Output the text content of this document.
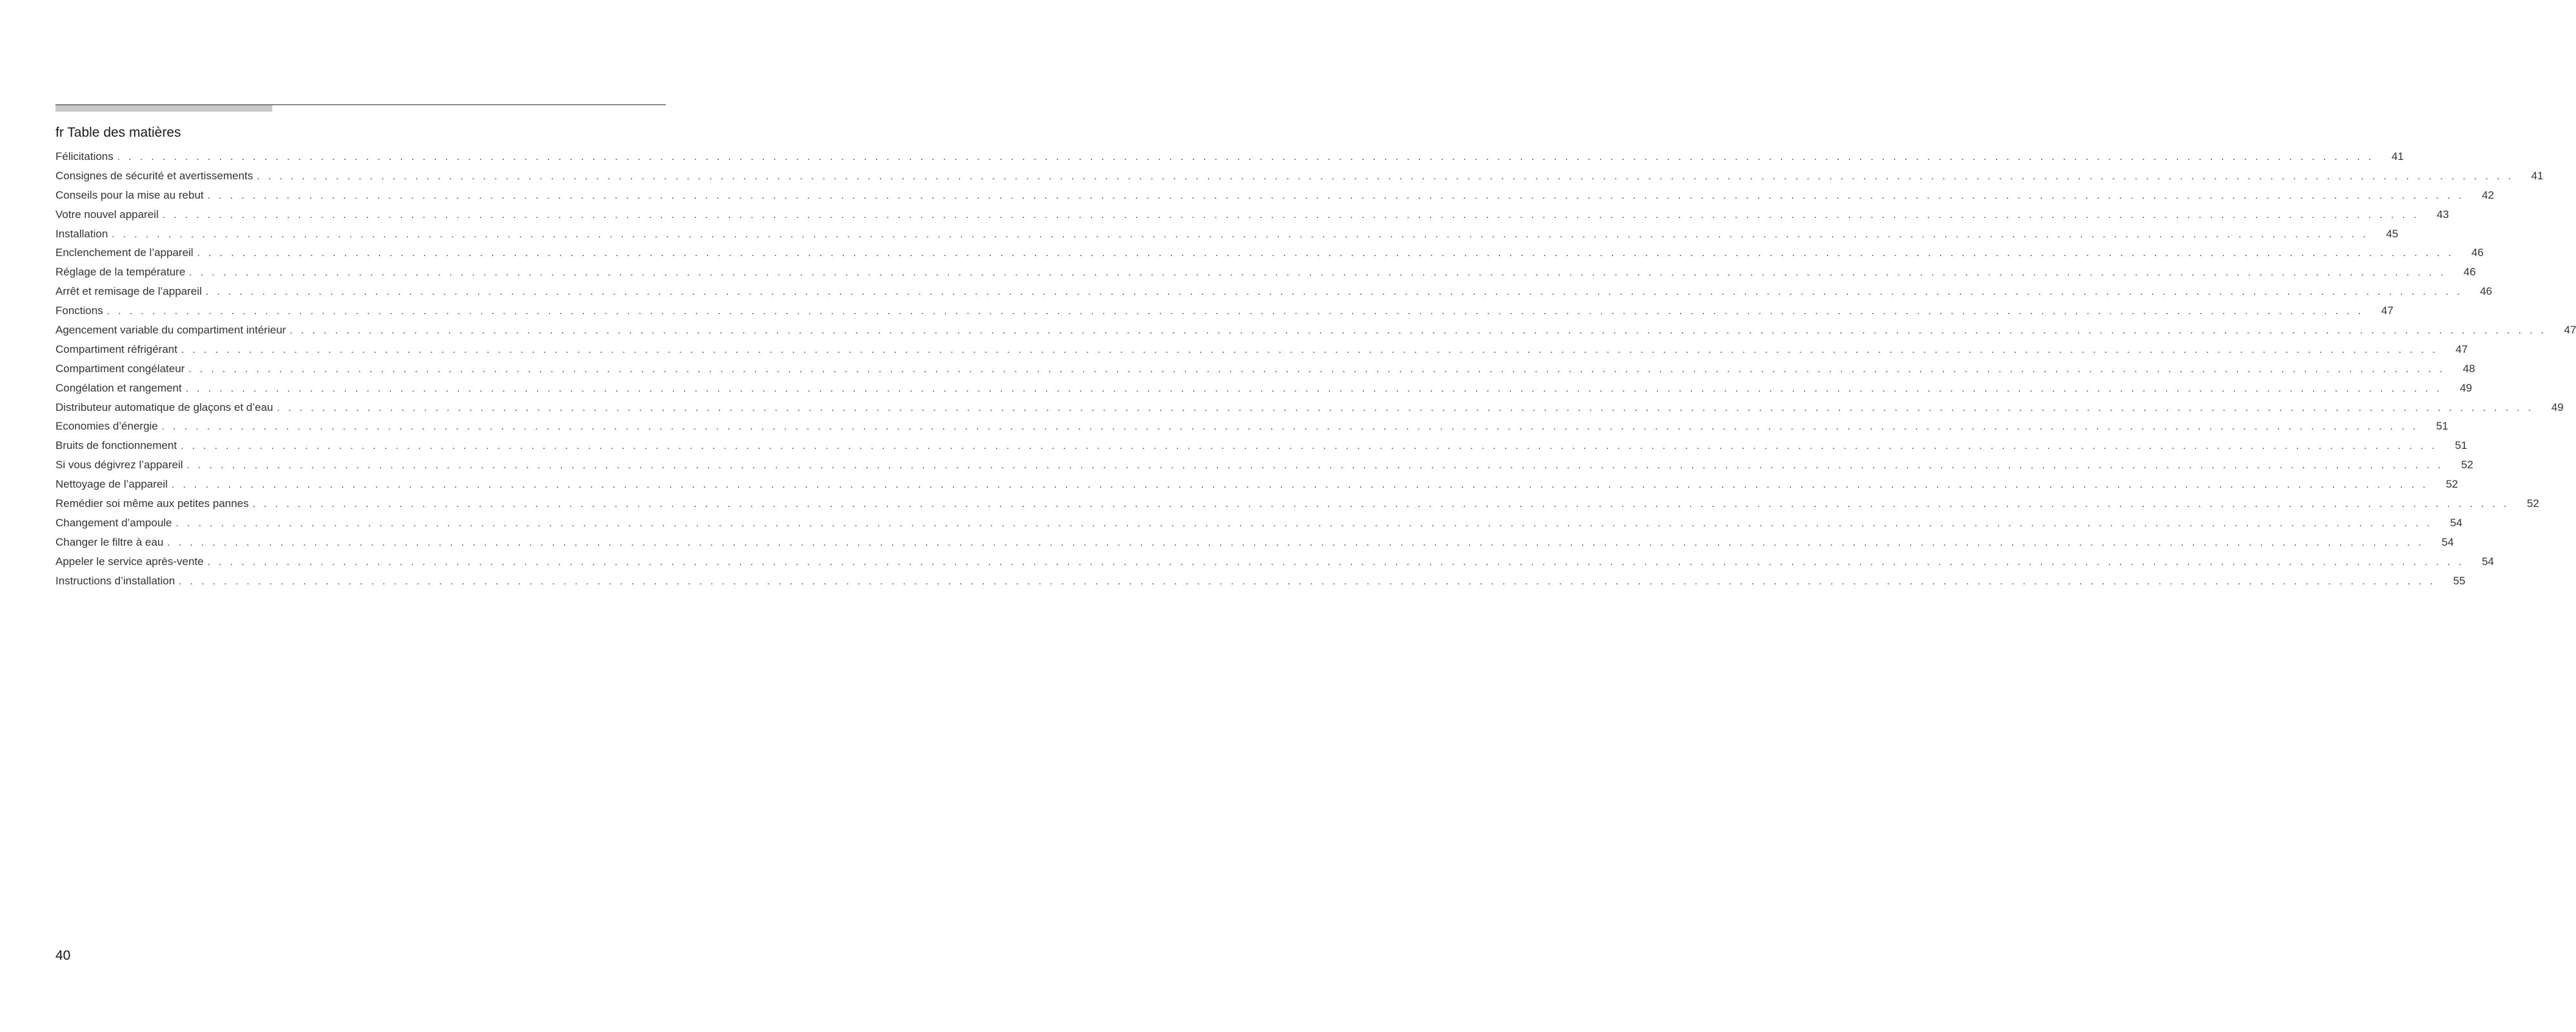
fr Table des matières
Félicitations . . . . . . . . . . . . . . . . . . . . . . . . . . . . . . . . . . . . . . . . . . . . . . . . . . . . . . . . . . . . . . . . . . . . . . . . . . . . . . . . . . . . . . . . . . . . . . . . . . . . . . . . . . . . . . . . . . . . . . . . . . . . . . . . . . . . . . . . . . . . . . . . . . . . . . . . . . . . . . . . . . . . . . . . . . . . . . . . . . . . . . . . . . . . . . . . . . . . . . . .	41
Consignes de sécurité et avertissements . . . . . . . . . . . . . . . . . . . . . . . . . . . . . . . . . . . . . . . . . . . . . . . . . . . . . . . . . . . . . . . . . . . . . . . . . . . . . . . . . . . . . . . . . . . . . . . . . . . . . . . . . . . . . . . . . . . . . . . . . . . . . . . . . . . . . . . . . . . . . . . . . . . . . . . . . . . . . . . . . . . . . . . . . . . . . . . . . . . . . . . . . . . . . . . . . . . . . . . .	41
Conseils pour la mise au rebut . . . . . . . . . . . . . . . . . . . . . . . . . . . . . . . . . . . . . . . . . . . . . . . . . . . . . . . . . . . . . . . . . . . . . . . . . . . . . . . . . . . . . . . . . . . . . . . . . . . . . . . . . . . . . . . . . . . . . . . . . . . . . . . . . . . . . . . . . . . . . . . . . . . . . . . . . . . . . . . . . . . . . . . . . . . . . . . . . . . . . . . . . . . . . . . . . . . . . . . .	42
Votre nouvel appareil . . . . . . . . . . . . . . . . . . . . . . . . . . . . . . . . . . . . . . . . . . . . . . . . . . . . . . . . . . . . . . . . . . . . . . . . . . . . . . . . . . . . . . . . . . . . . . . . . . . . . . . . . . . . . . . . . . . . . . . . . . . . . . . . . . . . . . . . . . . . . . . . . . . . . . . . . . . . . . . . . . . . . . . . . . . . . . . . . . . . . . . . . . . . . . . . . . . . . . . .	43
Installation . . . . . . . . . . . . . . . . . . . . . . . . . . . . . . . . . . . . . . . . . . . . . . . . . . . . . . . . . . . . . . . . . . . . . . . . . . . . . . . . . . . . . . . . . . . . . . . . . . . . . . . . . . . . . . . . . . . . . . . . . . . . . . . . . . . . . . . . . . . . . . . . . . . . . . . . . . . . . . . . . . . . . . . . . . . . . . . . . . . . . . . . . . . . . . . . . . . . . . . .	45
Enclenchement de l’appareil . . . . . . . . . . . . . . . . . . . . . . . . . . . . . . . . . . . . . . . . . . . . . . . . . . . . . . . . . . . . . . . . . . . . . . . . . . . . . . . . . . . . . . . . . . . . . . . . . . . . . . . . . . . . . . . . . . . . . . . . . . . . . . . . . . . . . . . . . . . . . . . . . . . . . . . . . . . . . . . . . . . . . . . . . . . . . . . . . . . . . . . . . . . . . . . . . . . . . . . .	46
Réglage de la température . . . . . . . . . . . . . . . . . . . . . . . . . . . . . . . . . . . . . . . . . . . . . . . . . . . . . . . . . . . . . . . . . . . . . . . . . . . . . . . . . . . . . . . . . . . . . . . . . . . . . . . . . . . . . . . . . . . . . . . . . . . . . . . . . . . . . . . . . . . . . . . . . . . . . . . . . . . . . . . . . . . . . . . . . . . . . . . . . . . . . . . . . . . . . . . . . . . . . . . .	46
Arrêt et remisage de l’appareil . . . . . . . . . . . . . . . . . . . . . . . . . . . . . . . . . . . . . . . . . . . . . . . . . . . . . . . . . . . . . . . . . . . . . . . . . . . . . . . . . . . . . . . . . . . . . . . . . . . . . . . . . . . . . . . . . . . . . . . . . . . . . . . . . . . . . . . . . . . . . . . . . . . . . . . . . . . . . . . . . . . . . . . . . . . . . . . . . . . . . . . . . . . . . . . . . . . . . . . .	46
Fonctions . . . . . . . . . . . . . . . . . . . . . . . . . . . . . . . . . . . . . . . . . . . . . . . . . . . . . . . . . . . . . . . . . . . . . . . . . . . . . . . . . . . . . . . . . . . . . . . . . . . . . . . . . . . . . . . . . . . . . . . . . . . . . . . . . . . . . . . . . . . . . . . . . . . . . . . . . . . . . . . . . . . . . . . . . . . . . . . . . . . . . . . . . . . . . . . . . . . . . . . .	47
Agencement variable du compartiment intérieur . . . . . . . . . . . . . . . . . . . . . . . . . . . . . . . . . . . . . . . . . . . . . . . . . . . . . . . . . . . . . . . . . . . . . . . . . . . . . . . . . . . . . . . . . . . . . . . . . . . . . . . . . . . . . . . . . . . . . . . . . . . . . . . . . . . . . . . . . . . . . . . . . . . . . . . . . . . . . . . . . . . . . . . . . . . . . . . . . . . . . . . . . . . . . . . . . . . . . . . .	47
Compartiment réfrigérant . . . . . . . . . . . . . . . . . . . . . . . . . . . . . . . . . . . . . . . . . . . . . . . . . . . . . . . . . . . . . . . . . . . . . . . . . . . . . . . . . . . . . . . . . . . . . . . . . . . . . . . . . . . . . . . . . . . . . . . . . . . . . . . . . . . . . . . . . . . . . . . . . . . . . . . . . . . . . . . . . . . . . . . . . . . . . . . . . . . . . . . . . . . . . . . . . . . . . . . .	47
Compartiment congélateur . . . . . . . . . . . . . . . . . . . . . . . . . . . . . . . . . . . . . . . . . . . . . . . . . . . . . . . . . . . . . . . . . . . . . . . . . . . . . . . . . . . . . . . . . . . . . . . . . . . . . . . . . . . . . . . . . . . . . . . . . . . . . . . . . . . . . . . . . . . . . . . . . . . . . . . . . . . . . . . . . . . . . . . . . . . . . . . . . . . . . . . . . . . . . . . . . . . . . . . .	48
Congélation et rangement . . . . . . . . . . . . . . . . . . . . . . . . . . . . . . . . . . . . . . . . . . . . . . . . . . . . . . . . . . . . . . . . . . . . . . . . . . . . . . . . . . . . . . . . . . . . . . . . . . . . . . . . . . . . . . . . . . . . . . . . . . . . . . . . . . . . . . . . . . . . . . . . . . . . . . . . . . . . . . . . . . . . . . . . . . . . . . . . . . . . . . . . . . . . . . . . . . . . . . . .	49
Distributeur automatique de glaçons et d’eau . . . . . . . . . . . . . . . . . . . . . . . . . . . . . . . . . . . . . . . . . . . . . . . . . . . . . . . . . . . . . . . . . . . . . . . . . . . . . . . . . . . . . . . . . . . . . . . . . . . . . . . . . . . . . . . . . . . . . . . . . . . . . . . . . . . . . . . . . . . . . . . . . . . . . . . . . . . . . . . . . . . . . . . . . . . . . . . . . . . . . . . . . . . . . . . . . . . . . . . .	49
Economies d’énergie . . . . . . . . . . . . . . . . . . . . . . . . . . . . . . . . . . . . . . . . . . . . . . . . . . . . . . . . . . . . . . . . . . . . . . . . . . . . . . . . . . . . . . . . . . . . . . . . . . . . . . . . . . . . . . . . . . . . . . . . . . . . . . . . . . . . . . . . . . . . . . . . . . . . . . . . . . . . . . . . . . . . . . . . . . . . . . . . . . . . . . . . . . . . . . . . . . . . . . . .	51
Bruits de fonctionnement . . . . . . . . . . . . . . . . . . . . . . . . . . . . . . . . . . . . . . . . . . . . . . . . . . . . . . . . . . . . . . . . . . . . . . . . . . . . . . . . . . . . . . . . . . . . . . . . . . . . . . . . . . . . . . . . . . . . . . . . . . . . . . . . . . . . . . . . . . . . . . . . . . . . . . . . . . . . . . . . . . . . . . . . . . . . . . . . . . . . . . . . . . . . . . . . . . . . . . . .	51
Si vous dégivrez l’appareil . . . . . . . . . . . . . . . . . . . . . . . . . . . . . . . . . . . . . . . . . . . . . . . . . . . . . . . . . . . . . . . . . . . . . . . . . . . . . . . . . . . . . . . . . . . . . . . . . . . . . . . . . . . . . . . . . . . . . . . . . . . . . . . . . . . . . . . . . . . . . . . . . . . . . . . . . . . . . . . . . . . . . . . . . . . . . . . . . . . . . . . . . . . . . . . . . . . . . . . .	52
Nettoyage de l’appareil . . . . . . . . . . . . . . . . . . . . . . . . . . . . . . . . . . . . . . . . . . . . . . . . . . . . . . . . . . . . . . . . . . . . . . . . . . . . . . . . . . . . . . . . . . . . . . . . . . . . . . . . . . . . . . . . . . . . . . . . . . . . . . . . . . . . . . . . . . . . . . . . . . . . . . . . . . . . . . . . . . . . . . . . . . . . . . . . . . . . . . . . . . . . . . . . . . . . . . . .	52
Remédier soi même aux petites pannes . . . . . . . . . . . . . . . . . . . . . . . . . . . . . . . . . . . . . . . . . . . . . . . . . . . . . . . . . . . . . . . . . . . . . . . . . . . . . . . . . . . . . . . . . . . . . . . . . . . . . . . . . . . . . . . . . . . . . . . . . . . . . . . . . . . . . . . . . . . . . . . . . . . . . . . . . . . . . . . . . . . . . . . . . . . . . . . . . . . . . . . . . . . . . . . . . . . . . . . .	52
Changement d’ampoule . . . . . . . . . . . . . . . . . . . . . . . . . . . . . . . . . . . . . . . . . . . . . . . . . . . . . . . . . . . . . . . . . . . . . . . . . . . . . . . . . . . . . . . . . . . . . . . . . . . . . . . . . . . . . . . . . . . . . . . . . . . . . . . . . . . . . . . . . . . . . . . . . . . . . . . . . . . . . . . . . . . . . . . . . . . . . . . . . . . . . . . . . . . . . . . . . . . . . . . .	54
Changer le filtre à eau . . . . . . . . . . . . . . . . . . . . . . . . . . . . . . . . . . . . . . . . . . . . . . . . . . . . . . . . . . . . . . . . . . . . . . . . . . . . . . . . . . . . . . . . . . . . . . . . . . . . . . . . . . . . . . . . . . . . . . . . . . . . . . . . . . . . . . . . . . . . . . . . . . . . . . . . . . . . . . . . . . . . . . . . . . . . . . . . . . . . . . . . . . . . . . . . . . . . . . . .	54
Appeler le service après-vente . . . . . . . . . . . . . . . . . . . . . . . . . . . . . . . . . . . . . . . . . . . . . . . . . . . . . . . . . . . . . . . . . . . . . . . . . . . . . . . . . . . . . . . . . . . . . . . . . . . . . . . . . . . . . . . . . . . . . . . . . . . . . . . . . . . . . . . . . . . . . . . . . . . . . . . . . . . . . . . . . . . . . . . . . . . . . . . . . . . . . . . . . . . . . . . . . . . . . . . .	54
Instructions d’installation . . . . . . . . . . . . . . . . . . . . . . . . . . . . . . . . . . . . . . . . . . . . . . . . . . . . . . . . . . . . . . . . . . . . . . . . . . . . . . . . . . . . . . . . . . . . . . . . . . . . . . . . . . . . . . . . . . . . . . . . . . . . . . . . . . . . . . . . . . . . . . . . . . . . . . . . . . . . . . . . . . . . . . . . . . . . . . . . . . . . . . . . . . . . . . . . . . . . . . . .	55
40
